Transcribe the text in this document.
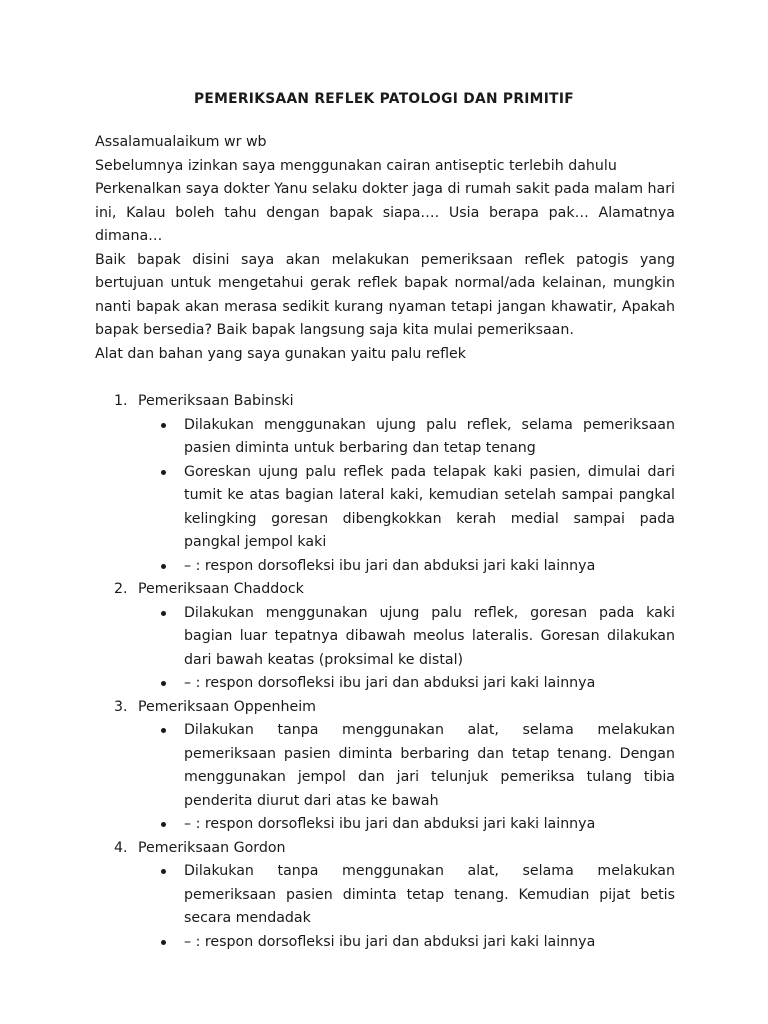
PEMERIKSAAN REFLEK PATOLOGI DAN PRIMITIF

Assalamualaikum wr wb

Sebelumnya izinkan saya menggunakan cairan antiseptic terlebih dahulu

Perkenalkan saya dokter Yanu selaku dokter jaga di rumah sakit pada malam hari ini, Kalau boleh tahu dengan bapak siapa…. Usia berapa pak… Alamatnya dimana…

Baik bapak disini saya akan melakukan pemeriksaan reflek patogis yang bertujuan untuk mengetahui gerak reflek bapak normal/ada kelainan, mungkin nanti bapak akan merasa sedikit kurang nyaman tetapi jangan khawatir, Apakah bapak bersedia? Baik bapak langsung saja kita mulai pemeriksaan.

Alat dan bahan yang saya gunakan yaitu palu reflek
1. Pemeriksaan Babinski
Dilakukan menggunakan ujung palu reflek, selama pemeriksaan pasien diminta untuk berbaring dan tetap tenang
Goreskan ujung palu reflek pada telapak kaki pasien, dimulai dari tumit ke atas bagian lateral kaki, kemudian setelah sampai pangkal kelingking goresan dibengkokkan kerah medial sampai pada pangkal jempol kaki
– : respon dorsofleksi ibu jari dan abduksi jari kaki lainnya
2. Pemeriksaan Chaddock
Dilakukan menggunakan ujung palu reflek, goresan pada kaki bagian luar tepatnya dibawah meolus lateralis. Goresan dilakukan dari bawah keatas (proksimal ke distal)
– : respon dorsofleksi ibu jari dan abduksi jari kaki lainnya
3. Pemeriksaan Oppenheim
Dilakukan tanpa menggunakan alat, selama melakukan pemeriksaan pasien diminta berbaring dan tetap tenang. Dengan menggunakan jempol dan jari telunjuk pemeriksa tulang tibia penderita diurut dari atas ke bawah
– : respon dorsofleksi ibu jari dan abduksi jari kaki lainnya
4. Pemeriksaan Gordon
Dilakukan tanpa menggunakan alat, selama melakukan pemeriksaan pasien diminta tetap tenang. Kemudian pijat betis secara mendadak
– : respon dorsofleksi ibu jari dan abduksi jari kaki lainnya
